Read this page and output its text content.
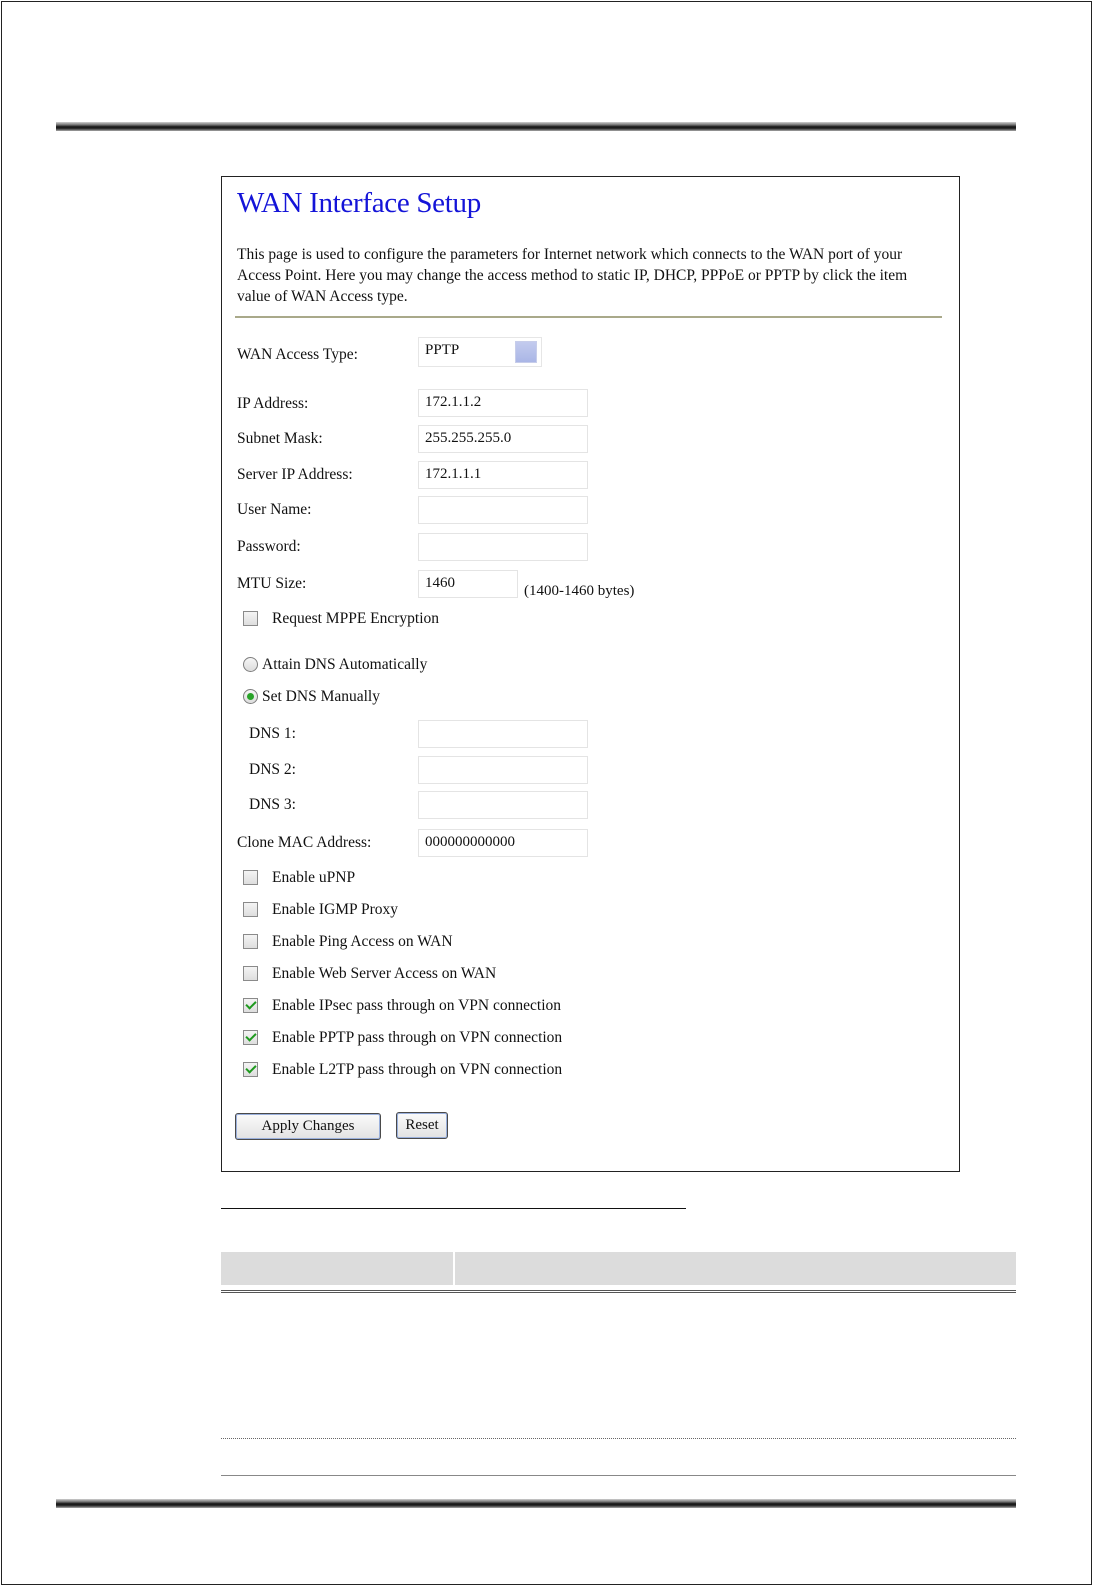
WAN Interface Setup

This page is used to configure the parameters for Internet network which connects to the WAN port of your Access Point. Here you may change the access method to static IP, DHCP, PPPoE or PPTP by click the item value of WAN Access type.

WAN Access Type:	PPTP
IP Address:	172.1.1.2
Subnet Mask:	255.255.255.0
Server IP Address:	172.1.1.1
User Name:
Password:
MTU Size:	1460	(1400-1460 bytes)
Request MPPE Encryption
Attain DNS Automatically
Set DNS Manually
DNS 1:
DNS 2:
DNS 3:
Clone MAC Address:	000000000000
Enable uPNP
Enable IGMP Proxy
Enable Ping Access on WAN
Enable Web Server Access on WAN
Enable IPsec pass through on VPN connection
Enable PPTP pass through on VPN connection
Enable L2TP pass through on VPN connection
Apply Changes	Reset
